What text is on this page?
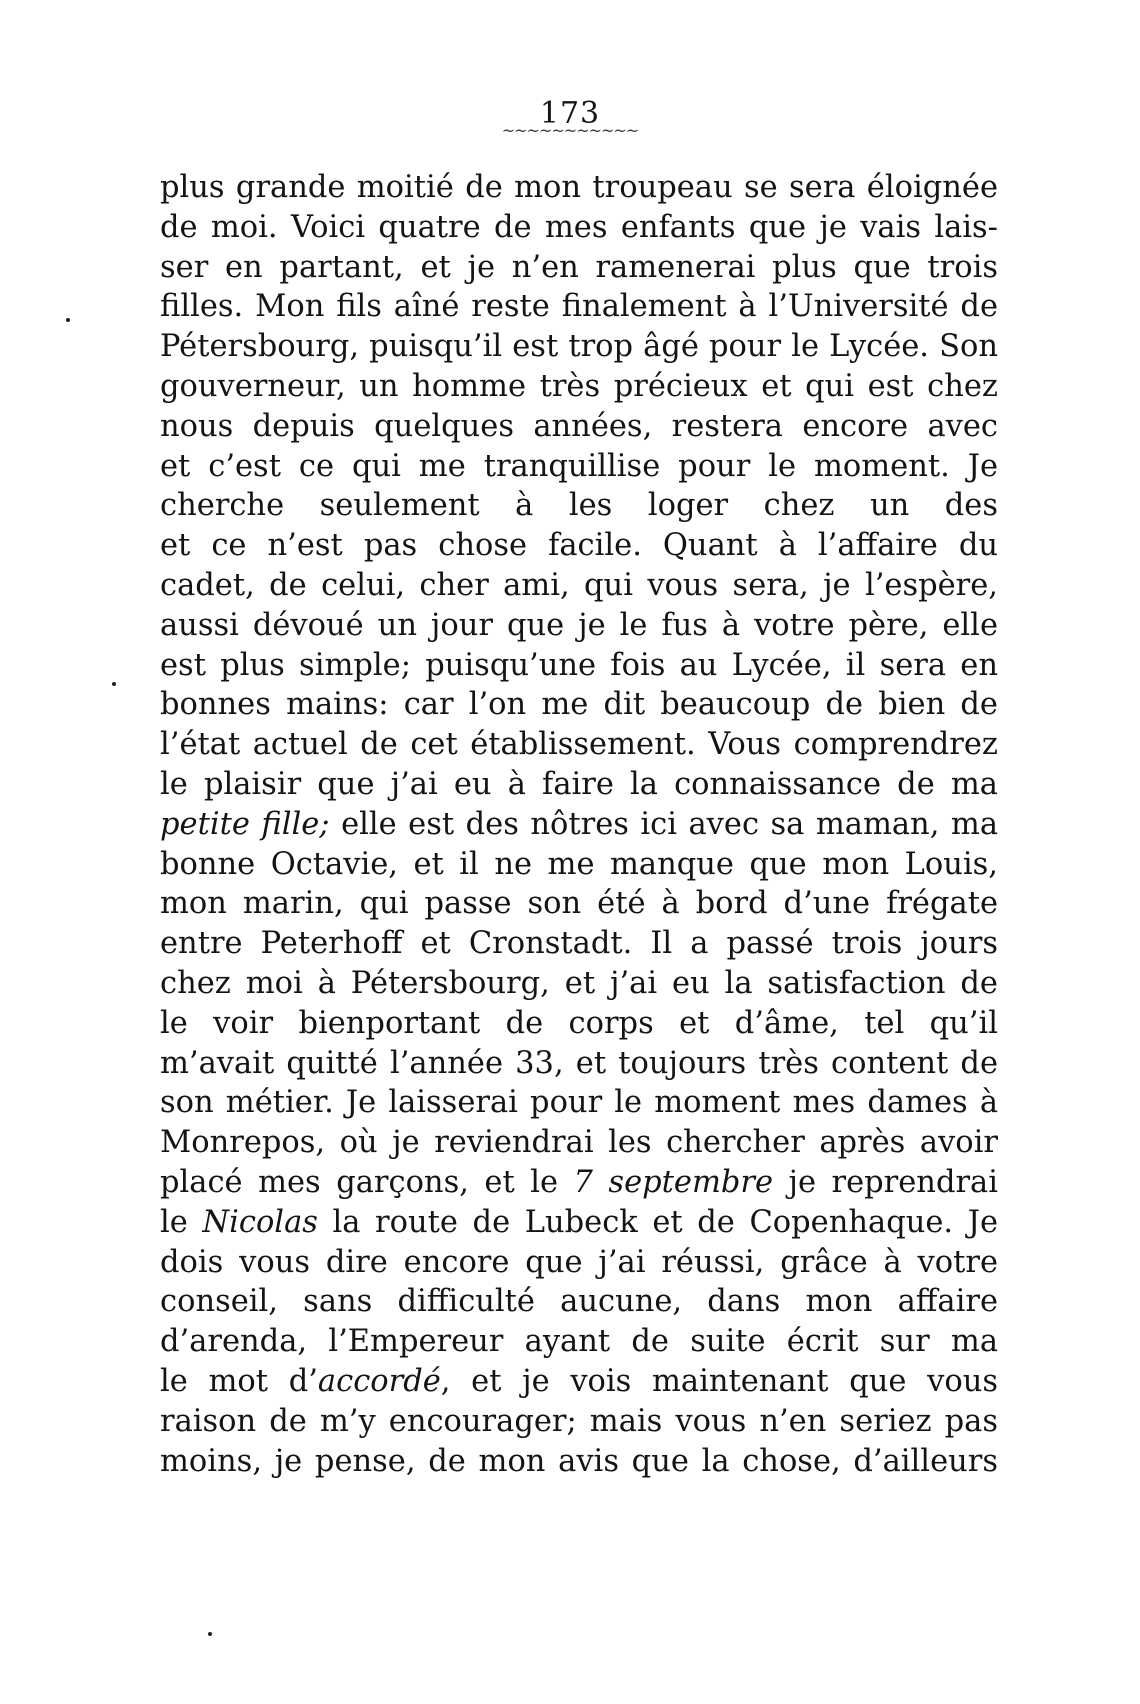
173
~~~~~~~~~~~
plus grande moitié de mon troupeau se sera éloignée
de moi. Voici quatre de mes enfants que je vais lais-
ser en partant, et je n’en ramenerai plus que trois
filles. Mon fils aîné reste finalement à l’Université de
Pétersbourg, puisqu’il est trop âgé pour le Lycée. Son
gouverneur, un homme très précieux et qui est chez
nous depuis quelques années, restera encore avec
et c’est ce qui me tranquillise pour le moment. Je
cherche seulement à les loger chez un des
et ce n’est pas chose facile. Quant à l’affaire du
cadet, de celui, cher ami, qui vous sera, je l’espère,
aussi dévoué un jour que je le fus à votre père, elle
est plus simple; puisqu’une fois au Lycée, il sera en
bonnes mains: car l’on me dit beaucoup de bien de
l’état actuel de cet établissement. Vous comprendrez
le plaisir que j’ai eu à faire la connaissance de ma
petite fille; elle est des nôtres ici avec sa maman, ma
bonne Octavie, et il ne me manque que mon Louis,
mon marin, qui passe son été à bord d’une frégate
entre Peterhoff et Cronstadt. Il a passé trois jours
chez moi à Pétersbourg, et j’ai eu la satisfaction de
le voir bienportant de corps et d’âme, tel qu’il
m’avait quitté l’année 33, et toujours très content de
son métier. Je laisserai pour le moment mes dames à
Monrepos, où je reviendrai les chercher après avoir
placé mes garçons, et le 7 septembre je reprendrai
le Nicolas la route de Lubeck et de Copenhaque. Je
dois vous dire encore que j’ai réussi, grâce à votre
conseil, sans difficulté aucune, dans mon affaire
d’arenda, l’Empereur ayant de suite écrit sur ma
le mot d’accordé, et je vois maintenant que vous
raison de m’y encourager; mais vous n’en seriez pas
moins, je pense, de mon avis que la chose, d’ailleurs
